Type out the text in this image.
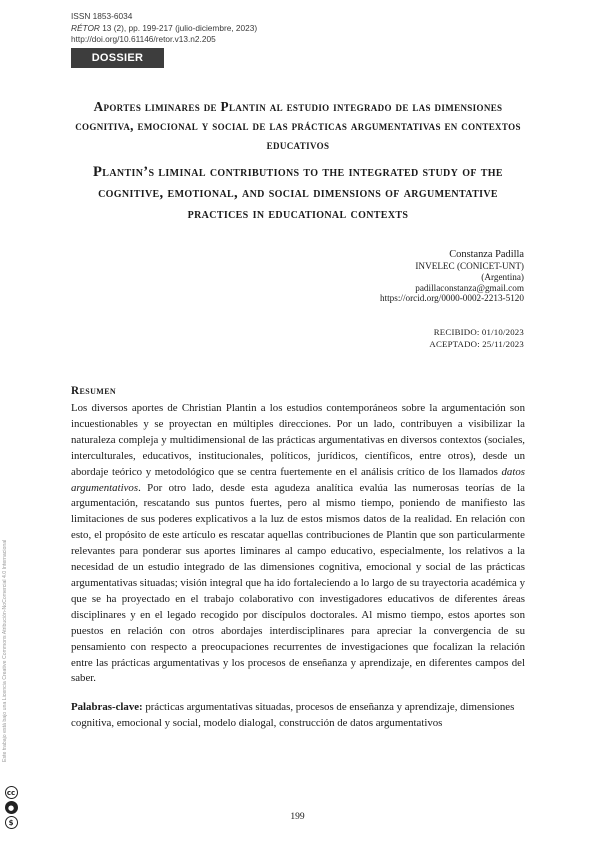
ISSN 1853-6034
RÉTOR 13 (2), pp. 199-217 (julio-diciembre, 2023)
http://doi.org/10.61146/retor.v13.n2.205
DOSSIER
Aportes liminares de Plantin al estudio integrado de las dimensiones cognitiva, emocional y social de las prácticas argumentativas en contextos educativos
Plantin’s liminal contributions to the integrated study of the cognitive, emotional, and social dimensions of argumentative practices in educational contexts
Constanza Padilla
INVELEC (CONICET-UNT)
(Argentina)
padillaconstanza@gmail.com
https://orcid.org/0000-0002-2213-5120
RECIBIDO: 01/10/2023
ACEPTADO: 25/11/2023
Resumen

Los diversos aportes de Christian Plantin a los estudios contemporáneos sobre la argumentación son incuestionables y se proyectan en múltiples direcciones. Por un lado, contribuyen a visibilizar la naturaleza compleja y multidimensional de las prácticas argumentativas en diversos contextos (sociales, interculturales, educativos, institucionales, políticos, jurídicos, científicos, entre otros), desde un abordaje teórico y metodológico que se centra fuertemente en el análisis crítico de los llamados datos argumentativos. Por otro lado, desde esta agudeza analítica evalúa las numerosas teorías de la argumentación, rescatando sus puntos fuertes, pero al mismo tiempo, poniendo de manifiesto las limitaciones de sus poderes explicativos a la luz de estos mismos datos de la realidad. En relación con esto, el propósito de este artículo es rescatar aquellas contribuciones de Plantin que son particularmente relevantes para ponderar sus aportes liminares al campo educativo, especialmente, los relativos a la necesidad de un estudio integrado de las dimensiones cognitiva, emocional y social de las prácticas argumentativas situadas; visión integral que ha ido fortaleciendo a lo largo de su trayectoria académica y que se ha proyectado en el trabajo colaborativo con investigadores educativos de diferentes áreas disciplinares y en el legado recogido por discípulos doctorales. Al mismo tiempo, estos aportes son puestos en relación con otros abordajes interdisciplinares para apreciar la convergencia de su pensamiento con respecto a preocupaciones recurrentes de investigaciones que focalizan la relación entre las prácticas argumentativas y los procesos de enseñanza y aprendizaje, en diferentes campos del saber.

Palabras-clave: prácticas argumentativas situadas, procesos de enseñanza y aprendizaje, dimensiones cognitiva, emocional y social, modelo dialogal, construcción de datos argumentativos

Este trabajo está bajo una Licencia Creative Commons Atribución-NoComercial 4.0 Internacional
cc
●
$
199
